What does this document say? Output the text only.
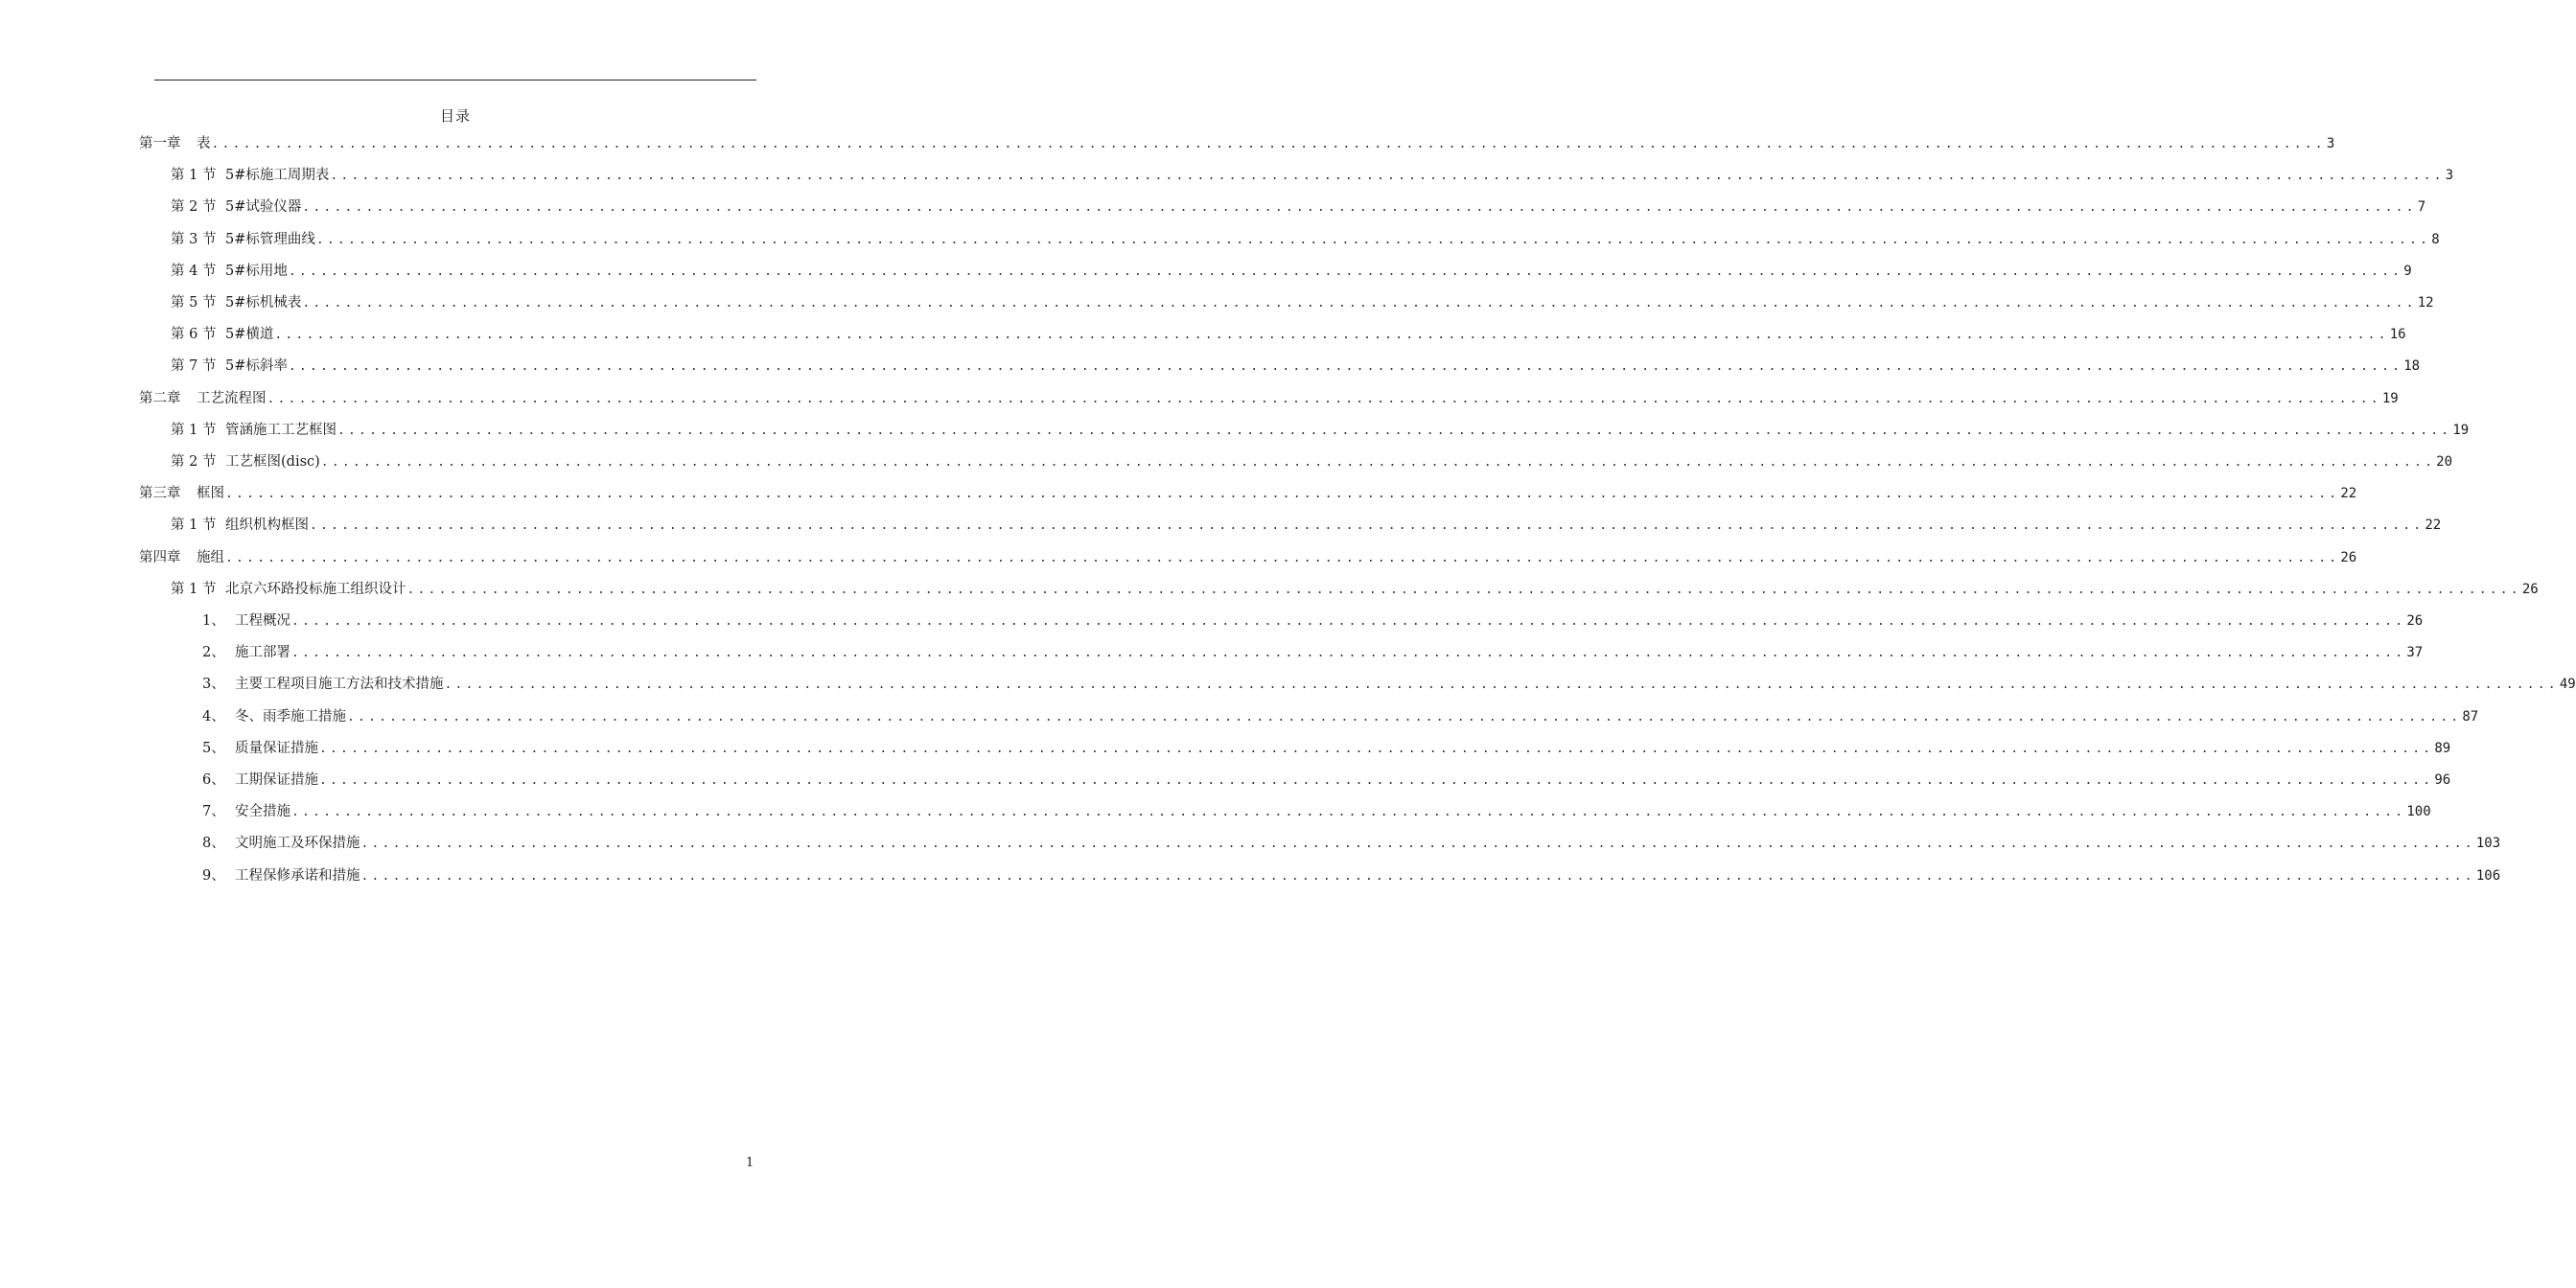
目录
第一章	表 ........................................................................................................................................................................................................ 3
第 1 节 5#标施工周期表 ........................................................................................................................................................................................................ 3
第 2 节 5#试验仪器 ........................................................................................................................................................................................................ 7
第 3 节 5#标管理曲线 ........................................................................................................................................................................................................ 8
第 4 节 5#标用地 ........................................................................................................................................................................................................ 9
第 5 节 5#标机械表 ........................................................................................................................................................................................................ 12
第 6 节 5#横道 ........................................................................................................................................................................................................ 16
第 7 节 5#标斜率 ........................................................................................................................................................................................................ 18
第二章	工艺流程图 ........................................................................................................................................................................................................ 19
第 1 节 管涵施工工艺框图 ........................................................................................................................................................................................................ 19
第 2 节 工艺框图(disc) ........................................................................................................................................................................................................ 20
第三章	框图 ........................................................................................................................................................................................................ 22
第 1 节 组织机构框图 ........................................................................................................................................................................................................ 22
第四章	施组 ........................................................................................................................................................................................................ 26
第 1 节 北京六环路投标施工组织设计 ........................................................................................................................................................................................................ 26
1、 工程概况 ........................................................................................................................................................................................................ 26
2、 施工部署 ........................................................................................................................................................................................................ 37
3、 主要工程项目施工方法和技术措施 ........................................................................................................................................................................................................ 49
4、 冬、雨季施工措施 ........................................................................................................................................................................................................ 87
5、 质量保证措施 ........................................................................................................................................................................................................ 89
6、 工期保证措施 ........................................................................................................................................................................................................ 96
7、 安全措施 ........................................................................................................................................................................................................ 100
8、 文明施工及环保措施 ........................................................................................................................................................................................................ 103
9、 工程保修承诺和措施 ........................................................................................................................................................................................................ 106
1
